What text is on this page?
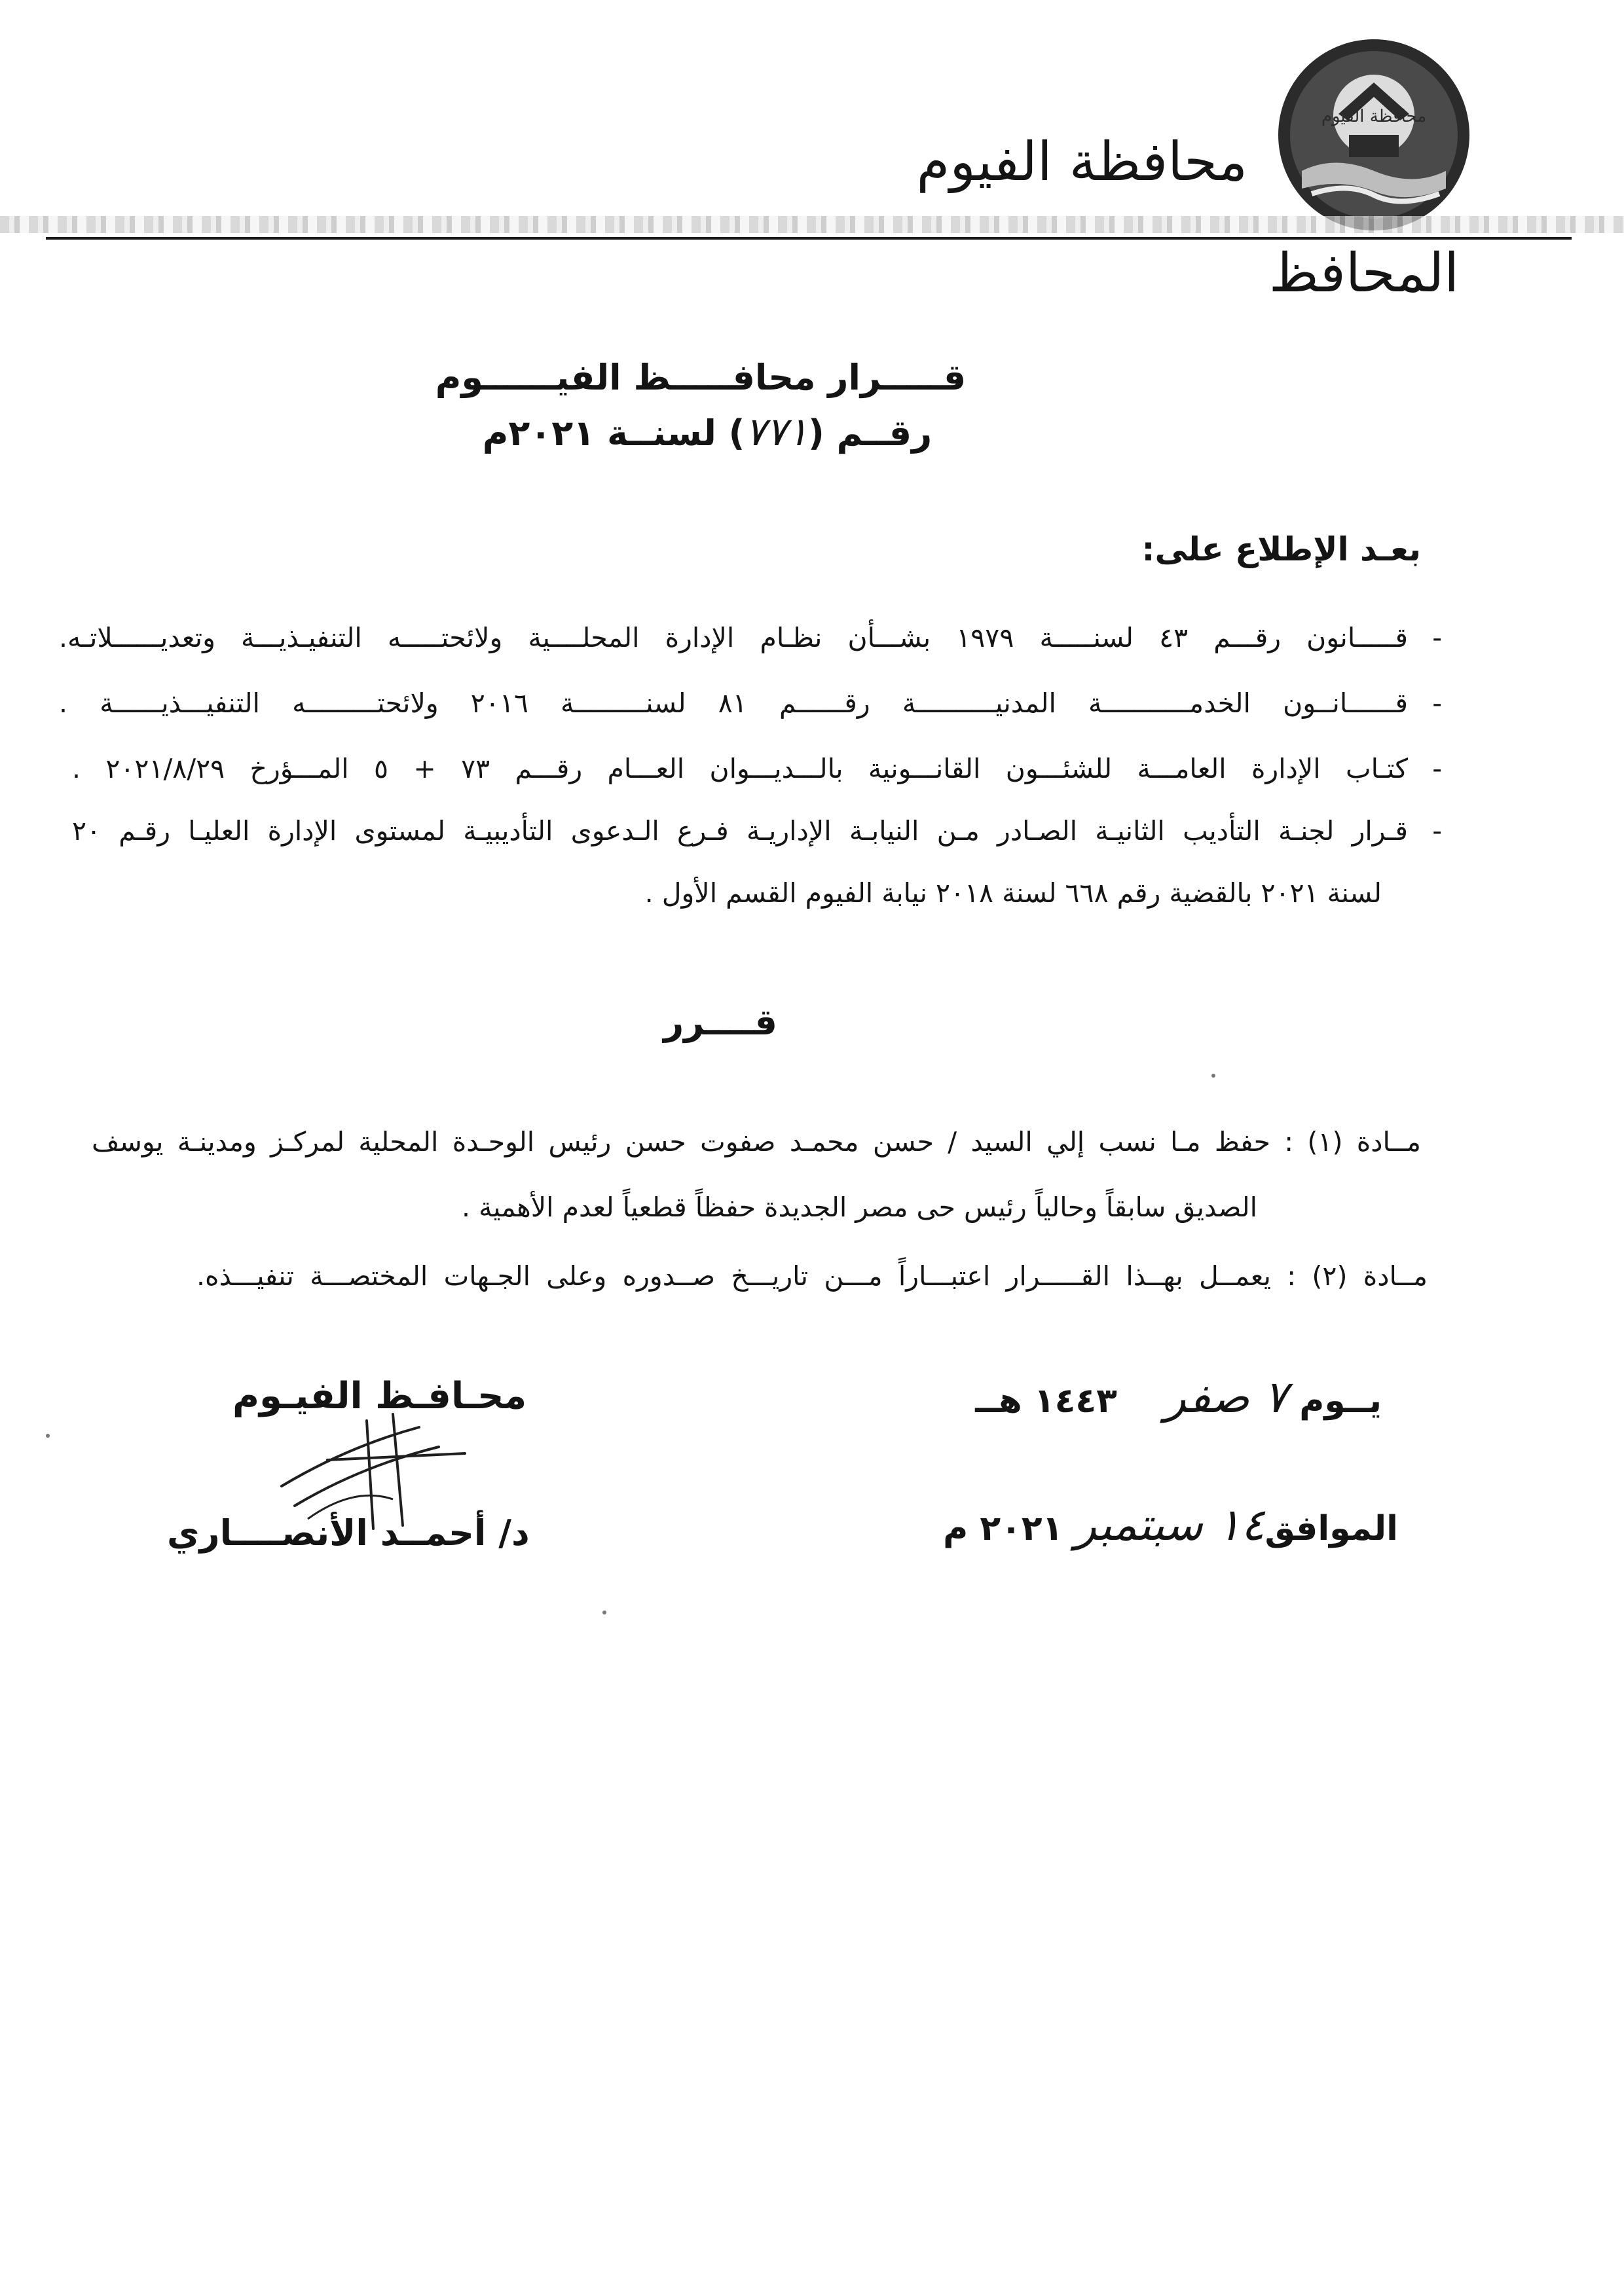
محافظة الفيوم
محافظة الفيوم
المحافظ
قـــــرار محافـــــظ الفيــــــوم
رقــم (٧٧١) لسنــة ٢٠٢١م
بعـد الإطلاع على:
-
قـــــانون رقـــم ٤٣ لسنـــــة ١٩٧٩ بشـــأن نظـام الإدارة المحلــــية ولائحتـــــه التنفيـذيـــة وتعديــــــلاتـه.
-
قــــــانــون الخدمـــــــــــة المدنيــــــــــة رقــــــم ٨١ لسنـــــــــة ٢٠١٦ ولائحتـــــــــه التنفيـــذيــــــة .
-
كتـاب الإدارة العامـــة للشئـــون القانـــونية بالـــديـــوان العـــام رقـــم ٧٣ + ٥ المـــؤرخ ٢٠٢١/٨/٢٩ .
-
قـرار لجنـة التأديب الثانيـة الصـادر مـن النيابـة الإداريـة فـرع الـدعوى التأديبيـة لمستوى الإدارة العليـا رقـم ٢٠
لسنة ٢٠٢١ بالقضية رقم ٦٦٨ لسنة ٢٠١٨ نيابة الفيوم القسم الأول .
قــــرر
مــادة (١) : حفظ مـا نسب إلي السيد / حسن محمـد صفوت حسن رئيس الوحـدة المحلية لمركـز ومدينـة يوسف
الصديق سابقاً وحالياً رئيس حى مصر الجديدة حفظاً قطعياً لعدم الأهمية .
مــادة (٢) : يعمــل بهــذا القـــــرار اعتبـــاراً مـــن تاريـــخ صــدوره وعلى الجـهات المختصـــة تنفيـــذه.
يــوم ٧ صفر    ١٤٤٣ هــ
الموافق١٤ سبتمبر ٢٠٢١ م
محـافـظ الفيـوم
د/ أحمــد الأنصــــاري
